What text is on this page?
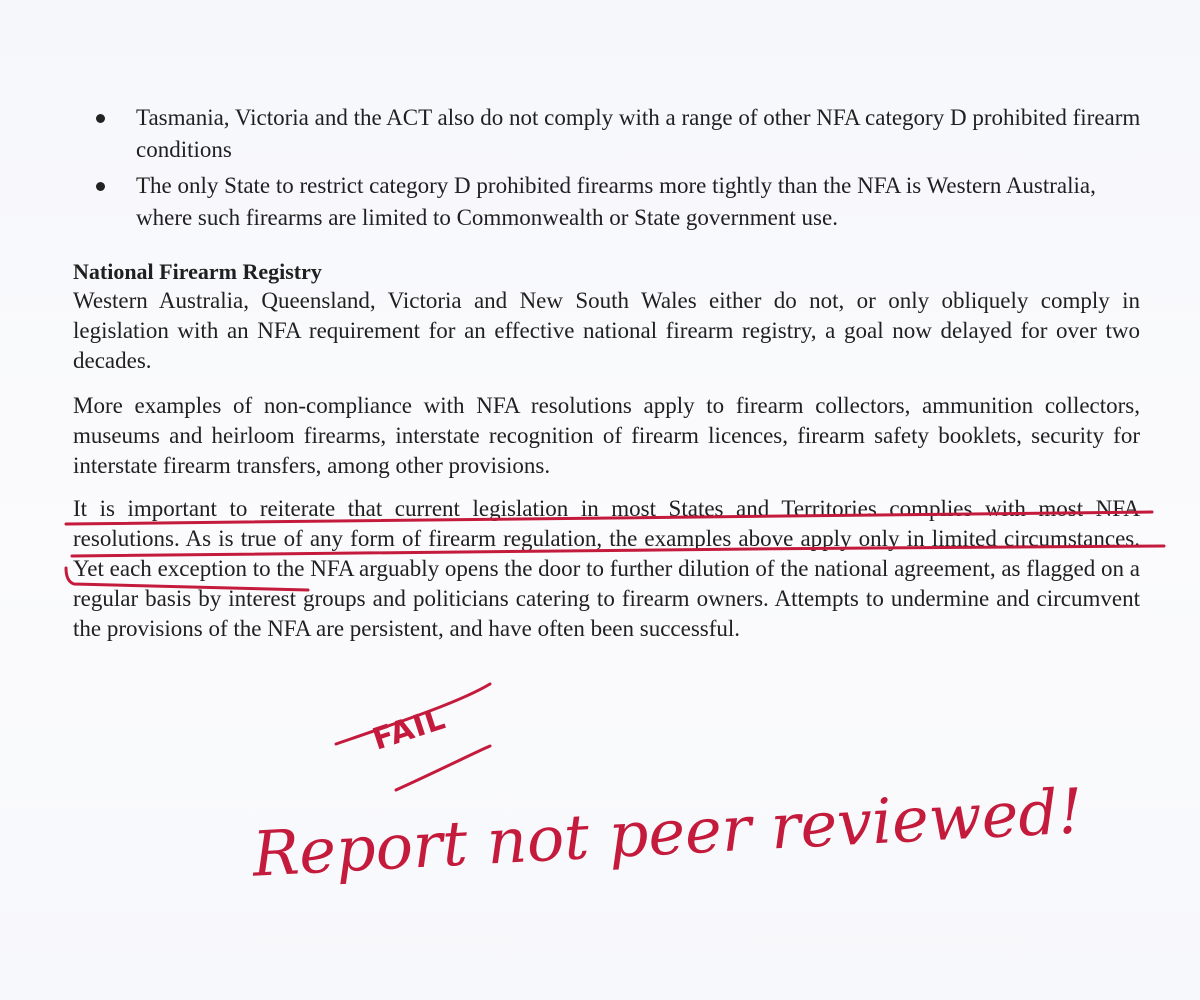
Tasmania, Victoria and the ACT also do not comply with a range of other NFA category D prohibited firearm conditions
The only State to restrict category D prohibited firearms more tightly than the NFA is Western Australia, where such firearms are limited to Commonwealth or State government use.
National Firearm Registry

Western Australia, Queensland, Victoria and New South Wales either do not, or only obliquely comply in legislation with an NFA requirement for an effective national firearm registry, a goal now delayed for over two decades.

More examples of non-compliance with NFA resolutions apply to firearm collectors, ammunition collectors, museums and heirloom firearms, interstate recognition of firearm licences, firearm safety booklets, security for interstate firearm transfers, among other provisions.

It is important to reiterate that current legislation in most States and Territories complies with most NFA resolutions. As is true of any form of firearm regulation, the examples above apply only in limited circumstances. Yet each exception to the NFA arguably opens the door to further dilution of the national agreement, as flagged on a regular basis by interest groups and politicians catering to firearm owners. Attempts to undermine and circumvent the provisions of the NFA are persistent, and have often been successful.

FAIL
Report not peer reviewed!
